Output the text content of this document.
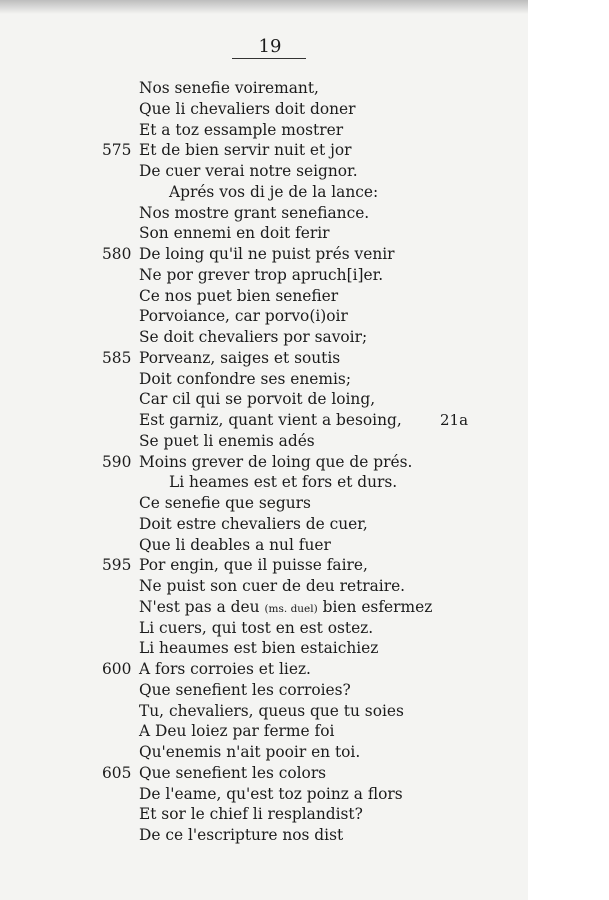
19
Nos senefie voiremant,
Que li chevaliers doit doner
Et a toz essample mostrer
575 Et de bien servir nuit et jor
De cuer verai notre seignor.
Aprés vos di je de la lance:
Nos mostre grant senefiance.
Son ennemi en doit ferir
580 De loing qu'il ne puist prés venir
Ne por grever trop apruch[i]er.
Ce nos puet bien senefier
Porvoiance, car porvo(i)oir
Se doit chevaliers por savoir;
585 Porveanz, saiges et soutis
Doit confondre ses enemis;
Car cil qui se porvoit de loing,
Est garniz, quant vient a besoing,	21a
Se puet li enemis adés
590 Moins grever de loing que de prés.
Li heames est et fors et durs.
Ce senefie que segurs
Doit estre chevaliers de cuer,
Que li deables a nul fuer
595 Por engin, que il puisse faire,
Ne puist son cuer de deu retraire.
N'est pas a deu (ms. duel) bien esfermez
Li cuers, qui tost en est ostez.
Li heaumes est bien estaichiez
600 A fors corroies et liez.
Que senefient les corroies?
Tu, chevaliers, queus que tu soies
A Deu loiez par ferme foi
Qu'enemis n'ait pooir en toi.
605 Que senefient les colors
De l'eame, qu'est toz poinz a flors
Et sor le chief li resplandist?
De ce l'escripture nos dist
